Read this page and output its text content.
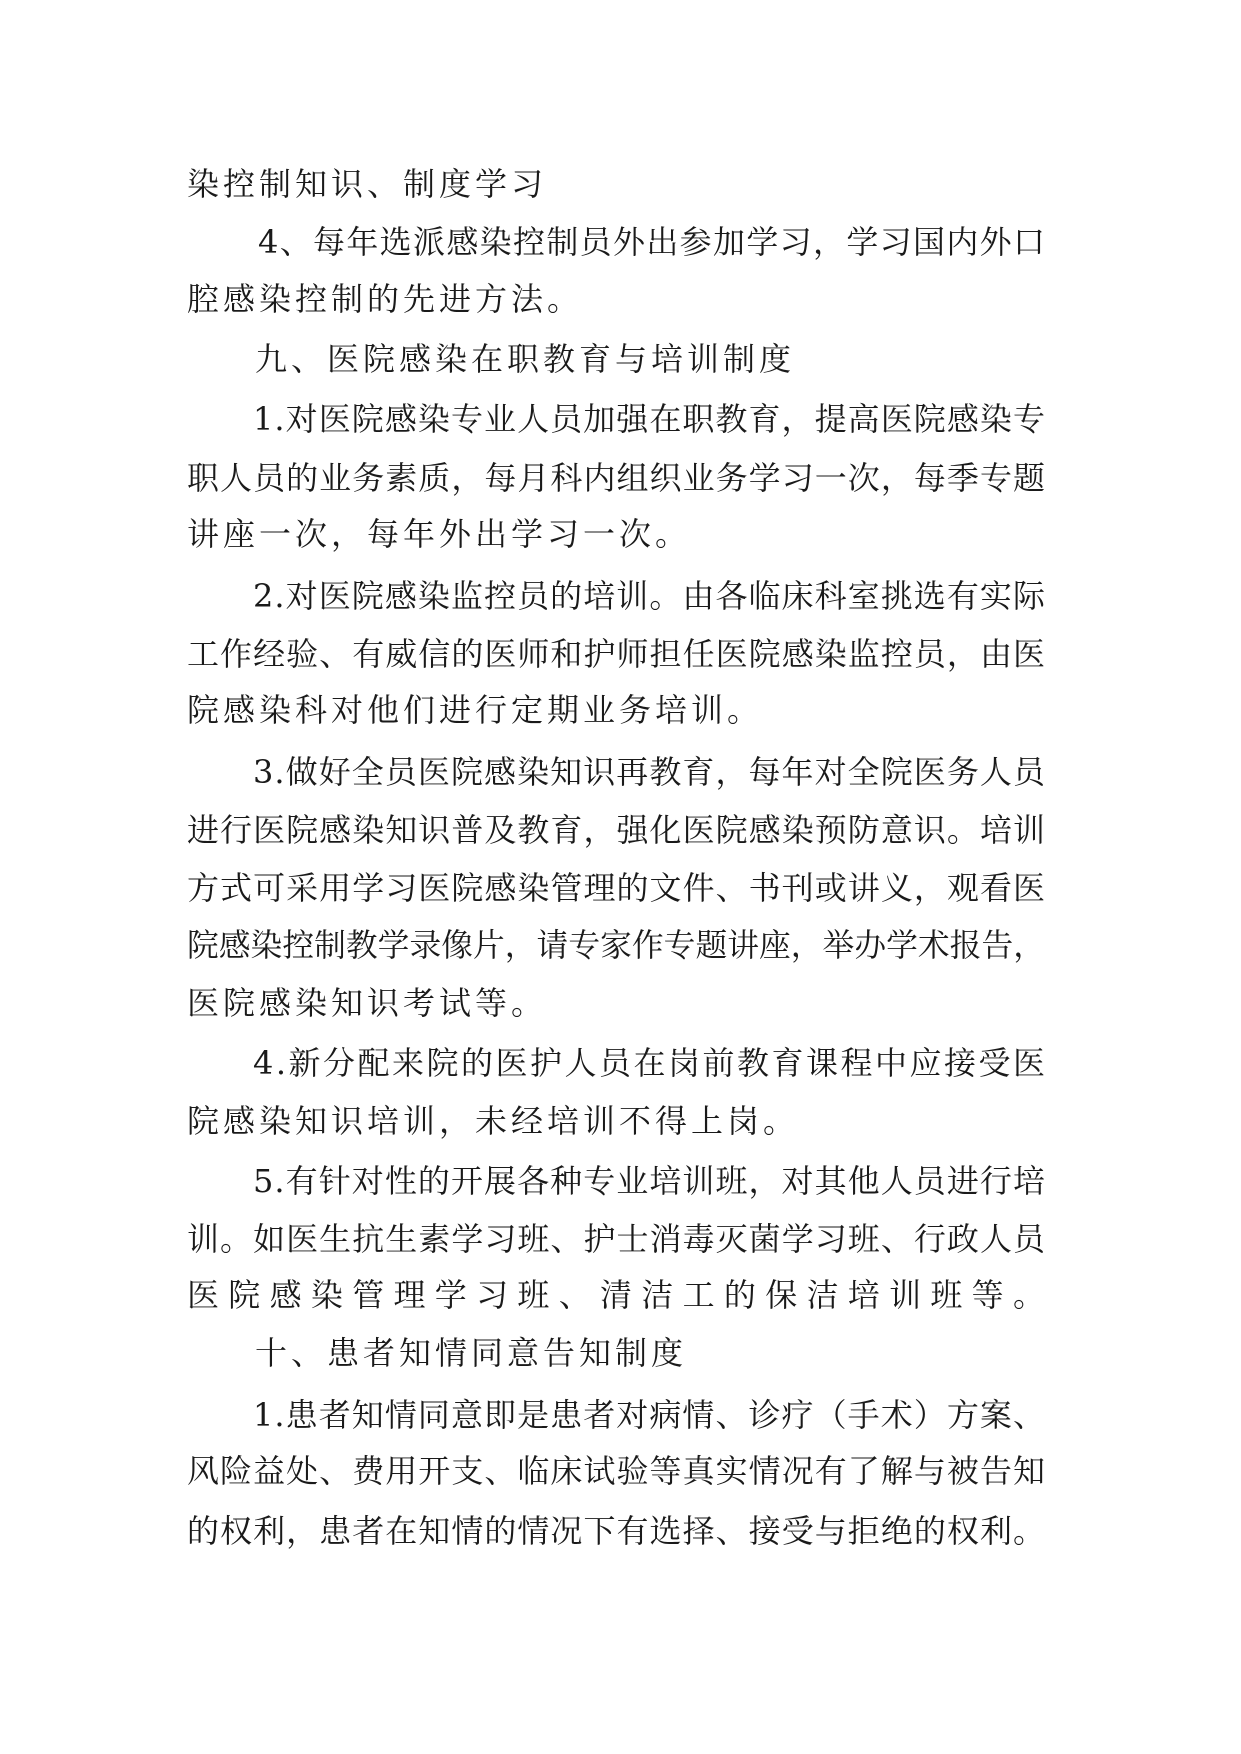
染控制知识、制度学习
4、每年选派感染控制员外出参加学习，学习国内外口
腔感染控制的先进方法。
九、医院感染在职教育与培训制度
1.对医院感染专业人员加强在职教育，提高医院感染专
职人员的业务素质，每月科内组织业务学习一次，每季专题
讲座一次，每年外出学习一次。
2.对医院感染监控员的培训。由各临床科室挑选有实际
工作经验、有威信的医师和护师担任医院感染监控员，由医
院感染科对他们进行定期业务培训。
3.做好全员医院感染知识再教育，每年对全院医务人员
进行医院感染知识普及教育，强化医院感染预防意识。培训
方式可采用学习医院感染管理的文件、书刊或讲义，观看医
院感染控制教学录像片，请专家作专题讲座，举办学术报告，
医院感染知识考试等。
4.新分配来院的医护人员在岗前教育课程中应接受医
院感染知识培训，未经培训不得上岗。
5.有针对性的开展各种专业培训班，对其他人员进行培
训。如医生抗生素学习班、护士消毒灭菌学习班、行政人员
医院感染管理学习班、清洁工的保洁培训班等。
十、患者知情同意告知制度
1.患者知情同意即是患者对病情、诊疗（手术）方案、
风险益处、费用开支、临床试验等真实情况有了解与被告知
的权利，患者在知情的情况下有选择、接受与拒绝的权利。
